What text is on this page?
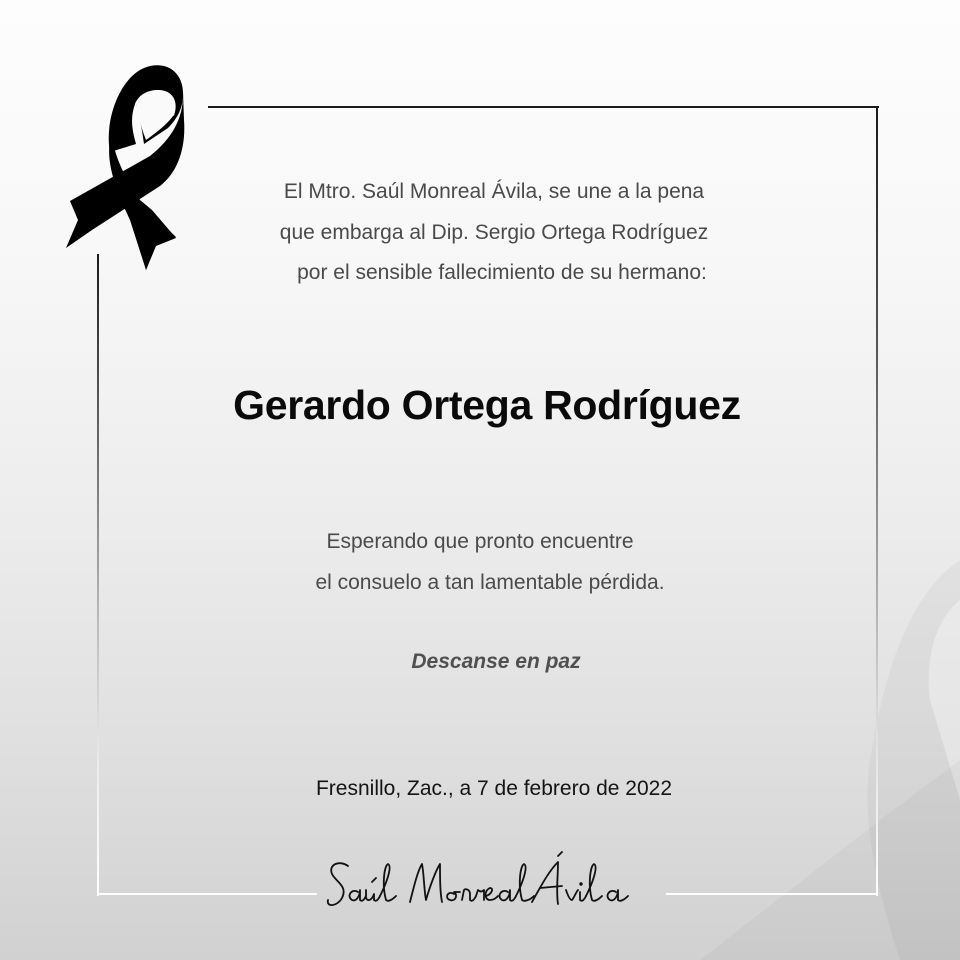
El Mtro. Saúl Monreal Ávila, se une a la pena
que embarga al Dip. Sergio Ortega Rodríguez
por el sensible fallecimiento de su hermano:
Gerardo Ortega Rodríguez
Esperando que pronto encuentre
el consuelo a tan lamentable pérdida.
Descanse en paz
Fresnillo, Zac., a 7 de febrero de 2022
